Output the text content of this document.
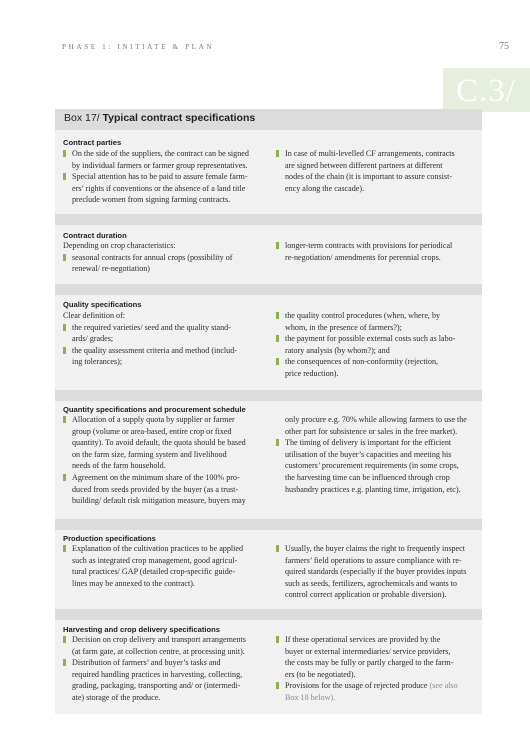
PHASE 1: INITIATE & PLAN	75
C.3/
Box 17/ Typical contract specifications
Contract parties
On the side of the suppliers, the contract can be signed
by individual farmers or farmer group representatives.
Special attention has to be paid to assure female farm-
ers’ rights if conventions or the absence of a land title
preclude women from signing farming contracts.
In case of multi-levelled CF arrangements, contracts
are signed between different partners at different
nodes of the chain (it is important to assure consist-
ency along the cascade).
Contract duration
Depending on crop characteristics:
seasonal contracts for annual crops (possibility of
renewal/ re-negotiation)
longer-term contracts with provisions for periodical
re-negotiation/ amendments for perennial crops.
Quality specifications
Clear definition of:
the required varieties/ seed and the quality stand-
ards/ grades;
the quality assessment criteria and method (includ-
ing tolerances);
the quality control procedures (when, where, by
whom, in the presence of farmers?);
the payment for possible external costs such as labo-
ratory analysis (by whom?); and
the consequences of non-conformity (rejection,
price reduction).
Quantity specifications and procurement schedule
Allocation of a supply quota by supplier or farmer
group (volume or area-based, entire crop or fixed
quantity). To avoid default, the quota should be based
on the farm size, farming system and livelihood
needs of the farm household.
Agreement on the minimum share of the 100% pro-
duced from seeds provided by the buyer (as a trust-
building/ default risk mitigation measure, buyers may
only procure e.g. 70% while allowing farmers to use the
other part for subsistence or sales in the free market).
The timing of delivery is important for the efficient
utilisation of the buyer’s capacities and meeting his
customers’ procurement requirements (in some crops,
the harvesting time can be influenced through crop
husbandry practices e.g. planting time, irrigation, etc).
Production specifications
Explanation of the cultivation practices to be applied
such as integrated crop management, good agricul-
tural practices/ GAP (detailed crop-specific guide-
lines may be annexed to the contract).
Usually, the buyer claims the right to frequently inspect
farmers’ field operations to assure compliance with re-
quired standards (especially if the buyer provides inputs
such as seeds, fertilizers, agrochemicals and wants to
control correct application or probable diversion).
Harvesting and crop delivery specifications
Decision on crop delivery and transport arrangements
(at farm gate, at collection centre, at processing unit).
Distribution of farmers’ and buyer’s tasks and
required handling practices in harvesting, collecting,
grading, packaging, transporting and/ or (intermedi-
ate) storage of the produce.
If these operational services are provided by the
buyer or external intermediaries/ service providers,
the costs may be fully or partly charged to the farm-
ers (to be negotiated).
Provisions for the usage of rejected produce (see also
Box 18 below).
